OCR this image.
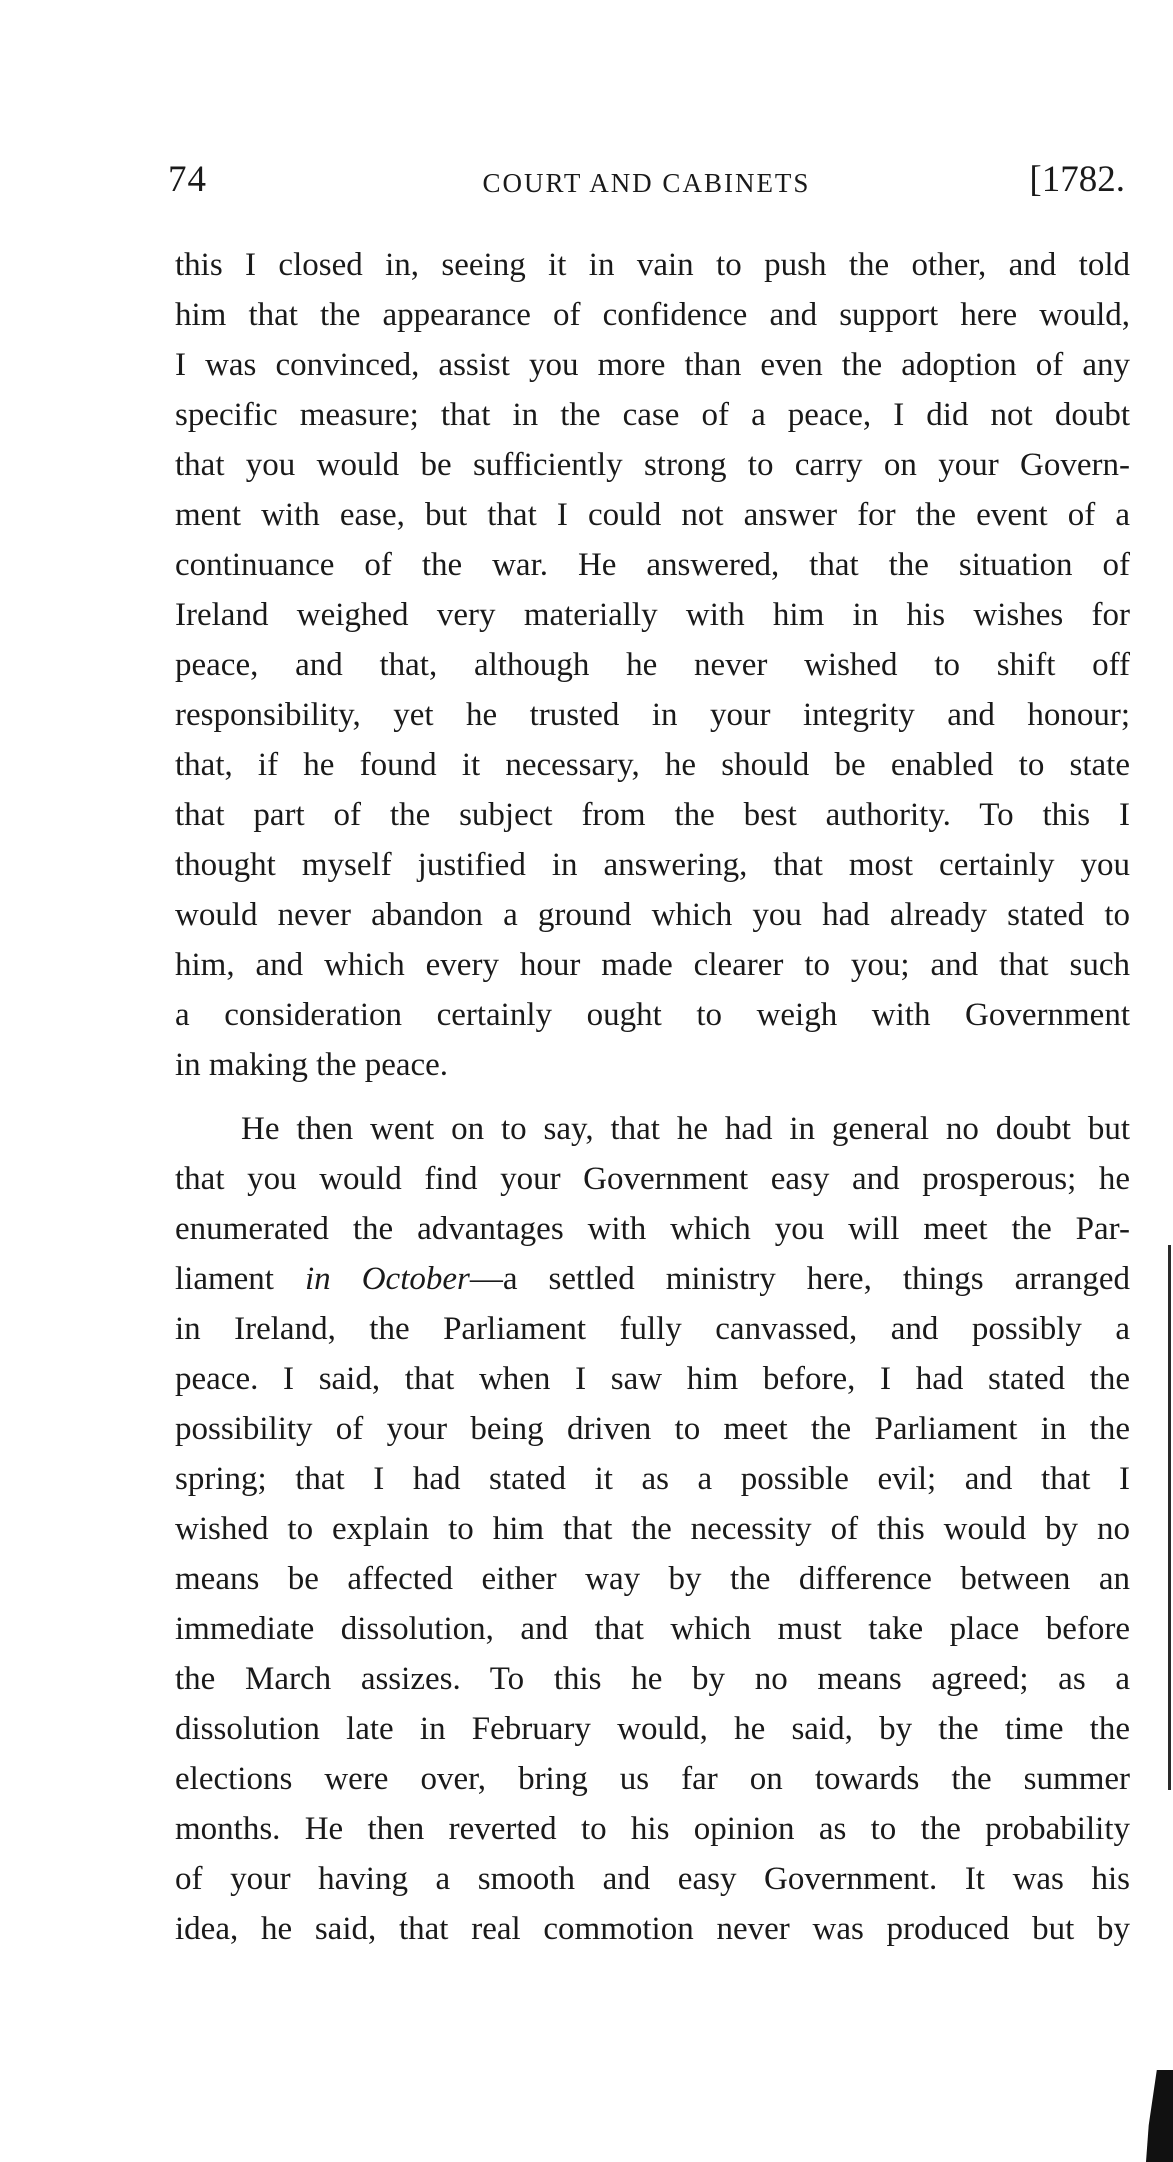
74	COURT AND CABINETS	[1782.
this I closed in, seeing it in vain to push the other, and told
him that the appearance of confidence and support here would,
I was convinced, assist you more than even the adoption of any
specific measure; that in the case of a peace, I did not doubt
that you would be sufficiently strong to carry on your Govern-
ment with ease, but that I could not answer for the event of a
continuance of the war. He answered, that the situation of
Ireland weighed very materially with him in his wishes for
peace, and that, although he never wished to shift off
responsibility, yet he trusted in your integrity and honour;
that, if he found it necessary, he should be enabled to state
that part of the subject from the best authority. To this I
thought myself justified in answering, that most certainly you
would never abandon a ground which you had already stated to
him, and which every hour made clearer to you; and that such
a consideration certainly ought to weigh with Government
in making the peace.
He then went on to say, that he had in general no doubt but
that you would find your Government easy and prosperous; he
enumerated the advantages with which you will meet the Par-
liament in October—a settled ministry here, things arranged
in Ireland, the Parliament fully canvassed, and possibly a
peace. I said, that when I saw him before, I had stated the
possibility of your being driven to meet the Parliament in the
spring; that I had stated it as a possible evil; and that I
wished to explain to him that the necessity of this would by no
means be affected either way by the difference between an
immediate dissolution, and that which must take place before
the March assizes. To this he by no means agreed; as a
dissolution late in February would, he said, by the time the
elections were over, bring us far on towards the summer
months. He then reverted to his opinion as to the probability
of your having a smooth and easy Government. It was his
idea, he said, that real commotion never was produced but by
